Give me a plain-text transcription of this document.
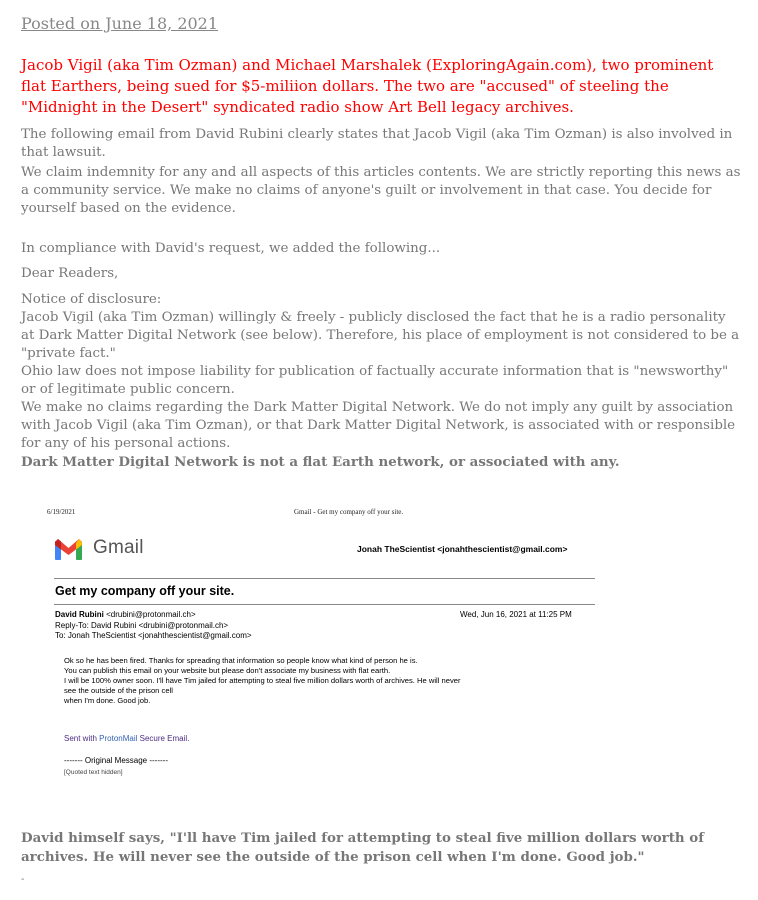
Posted on June 18, 2021
Jacob Vigil (aka Tim Ozman) and Michael Marshalek (ExploringAgain.com), two prominent flat Earthers, being sued for $5-miliion dollars. The two are "accused" of steeling the "Midnight in the Desert" syndicated radio show Art Bell legacy archives.
The following email from David Rubini clearly states that Jacob Vigil (aka Tim Ozman) is also involved in that lawsuit.
We claim indemnity for any and all aspects of this articles contents. We are strictly reporting this news as a community service. We make no claims of anyone's guilt or involvement in that case. You decide for yourself based on the evidence.
In compliance with David's request, we added the following...
Dear Readers,
Notice of disclosure:
Jacob Vigil (aka Tim Ozman) willingly & freely - publicly disclosed the fact that he is a radio personality at Dark Matter Digital Network (see below). Therefore, his place of employment is not considered to be a "private fact."
Ohio law does not impose liability for publication of factually accurate information that is "newsworthy" or of legitimate public concern.
We make no claims regarding the Dark Matter Digital Network. We do not imply any guilt by association with Jacob Vigil (aka Tim Ozman), or that Dark Matter Digital Network, is associated with or responsible for any of his personal actions.
Dark Matter Digital Network is not a flat Earth network, or associated with any.
6/19/2021	Gmail - Get my company off your site.
Gmail	Jonah TheScientist <jonahthescientist@gmail.com>
Get my company off your site.
David Rubini <drubini@protonmail.ch>
Reply-To: David Rubini <drubini@protonmail.ch>
To: Jonah TheScientist <jonahthescientist@gmail.com>
Wed, Jun 16, 2021 at 11:25 PM
Ok so he has been fired. Thanks for spreading that information so people know what kind of person he is.
You can publish this email on your website but please don't associate my business with flat earth.
I will be 100% owner soon. I'll have Tim jailed for attempting to steal five million dollars worth of archives. He will never
see the outside of the prison cell
when I'm done. Good job.
Sent with ProtonMail Secure Email.
------- Original Message -------
[Quoted text hidden]
David himself says, "I'll have Tim jailed for attempting to steal five million dollars worth of archives. He will never see the outside of the prison cell when I'm done. Good job."
-
